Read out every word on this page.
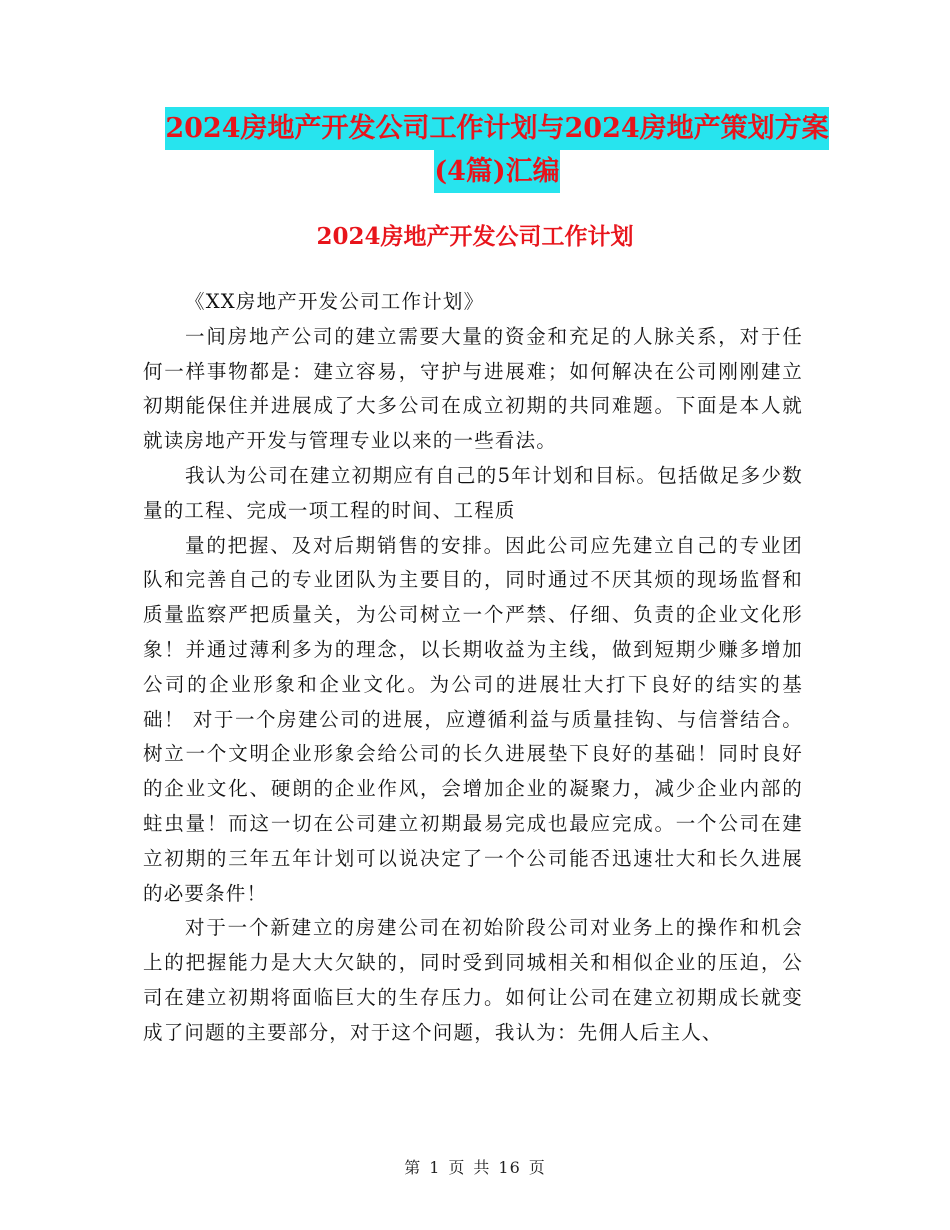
2024房地产开发公司工作计划与2024房地产策划方案
(4篇)汇编
2024房地产开发公司工作计划

《XX房地产开发公司工作计划》

一间房地产公司的建立需要大量的资金和充足的人脉关系，对于任何一样事物都是：建立容易，守护与进展难；如何解决在公司刚刚建立初期能保住并进展成了大多公司在成立初期的共同难题。下面是本人就就读房地产开发与管理专业以来的一些看法。

我认为公司在建立初期应有自己的5年计划和目标。包括做足多少数量的工程、完成一项工程的时间、工程质

量的把握、及对后期销售的安排。因此公司应先建立自己的专业团队和完善自己的专业团队为主要目的，同时通过不厌其烦的现场监督和质量监察严把质量关，为公司树立一个严禁、仔细、负责的企业文化形象！并通过薄利多为的理念，以长期收益为主线，做到短期少赚多增加公司的企业形象和企业文化。为公司的进展壮大打下良好的结实的基础！ 对于一个房建公司的进展，应遵循利益与质量挂钩、与信誉结合。树立一个文明企业形象会给公司的长久进展垫下良好的基础！同时良好的企业文化、硬朗的企业作风，会增加企业的凝聚力，减少企业内部的蛀虫量！而这一切在公司建立初期最易完成也最应完成。一个公司在建立初期的三年五年计划可以说决定了一个公司能否迅速壮大和长久进展的必要条件！

对于一个新建立的房建公司在初始阶段公司对业务上的操作和机会上的把握能力是大大欠缺的，同时受到同城相关和相似企业的压迫，公司在建立初期将面临巨大的生存压力。如何让公司在建立初期成长就变成了问题的主要部分，对于这个问题，我认为：先佣人后主人、

第 1 页 共 16 页
